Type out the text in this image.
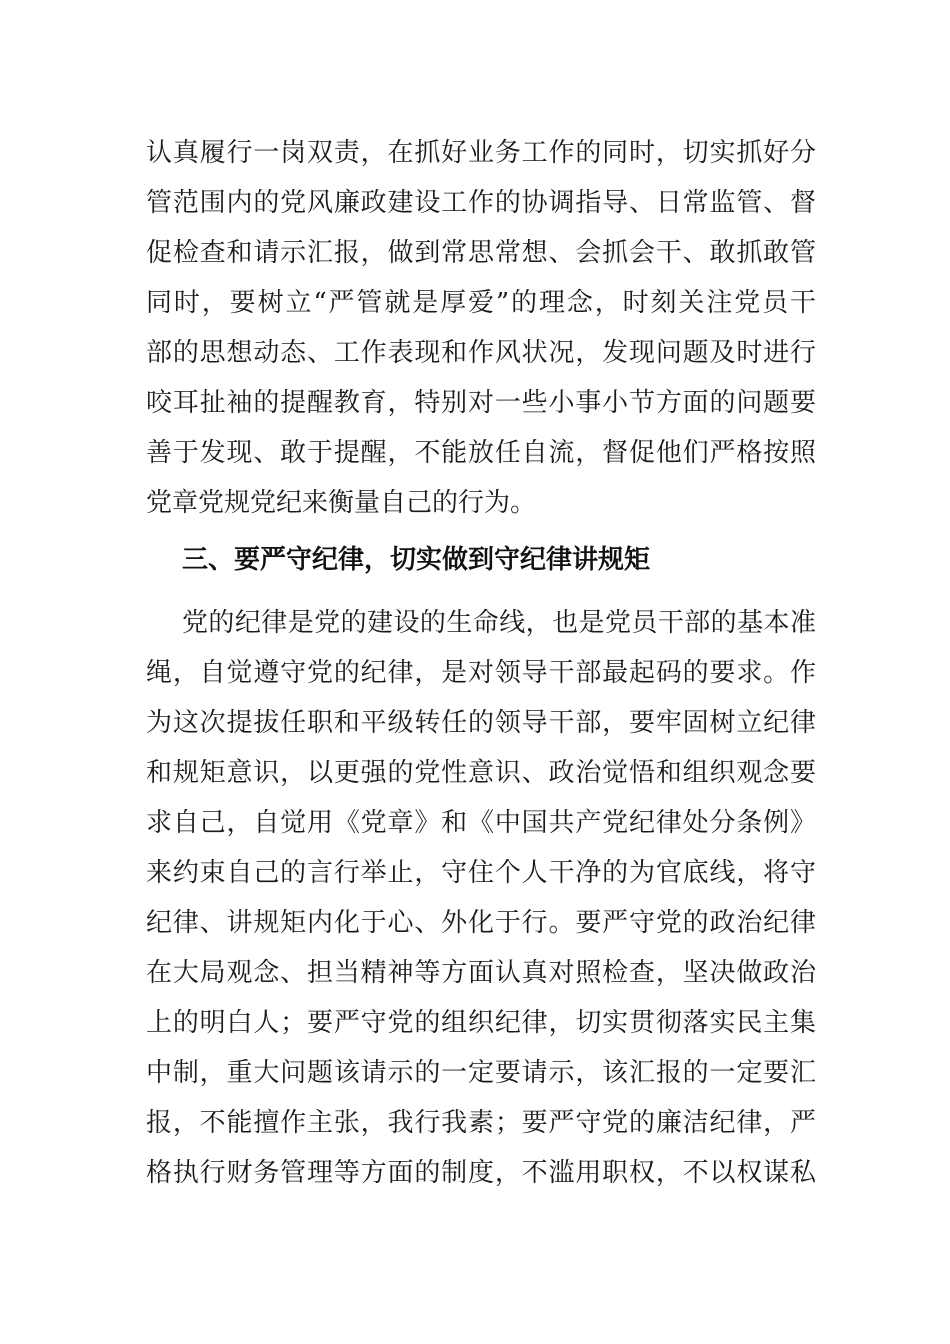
认真履行一岗双责，在抓好业务工作的同时，切实抓好分
管范围内的党风廉政建设工作的协调指导、日常监管、督
促检查和请示汇报，做到常思常想、会抓会干、敢抓敢管
同时，要树立“严管就是厚爱”的理念，时刻关注党员干
部的思想动态、工作表现和作风状况，发现问题及时进行
咬耳扯袖的提醒教育，特别对一些小事小节方面的问题要
善于发现、敢于提醒，不能放任自流，督促他们严格按照
党章党规党纪来衡量自己的行为。
三、要严守纪律，切实做到守纪律讲规矩
党的纪律是党的建设的生命线，也是党员干部的基本准
绳，自觉遵守党的纪律，是对领导干部最起码的要求。作
为这次提拔任职和平级转任的领导干部，要牢固树立纪律
和规矩意识，以更强的党性意识、政治觉悟和组织观念要
求自己，自觉用《党章》和《中国共产党纪律处分条例》
来约束自己的言行举止，守住个人干净的为官底线，将守
纪律、讲规矩内化于心、外化于行。要严守党的政治纪律
在大局观念、担当精神等方面认真对照检查，坚决做政治
上的明白人；要严守党的组织纪律，切实贯彻落实民主集
中制，重大问题该请示的一定要请示，该汇报的一定要汇
报，不能擅作主张，我行我素；要严守党的廉洁纪律，严
格执行财务管理等方面的制度，不滥用职权，不以权谋私
